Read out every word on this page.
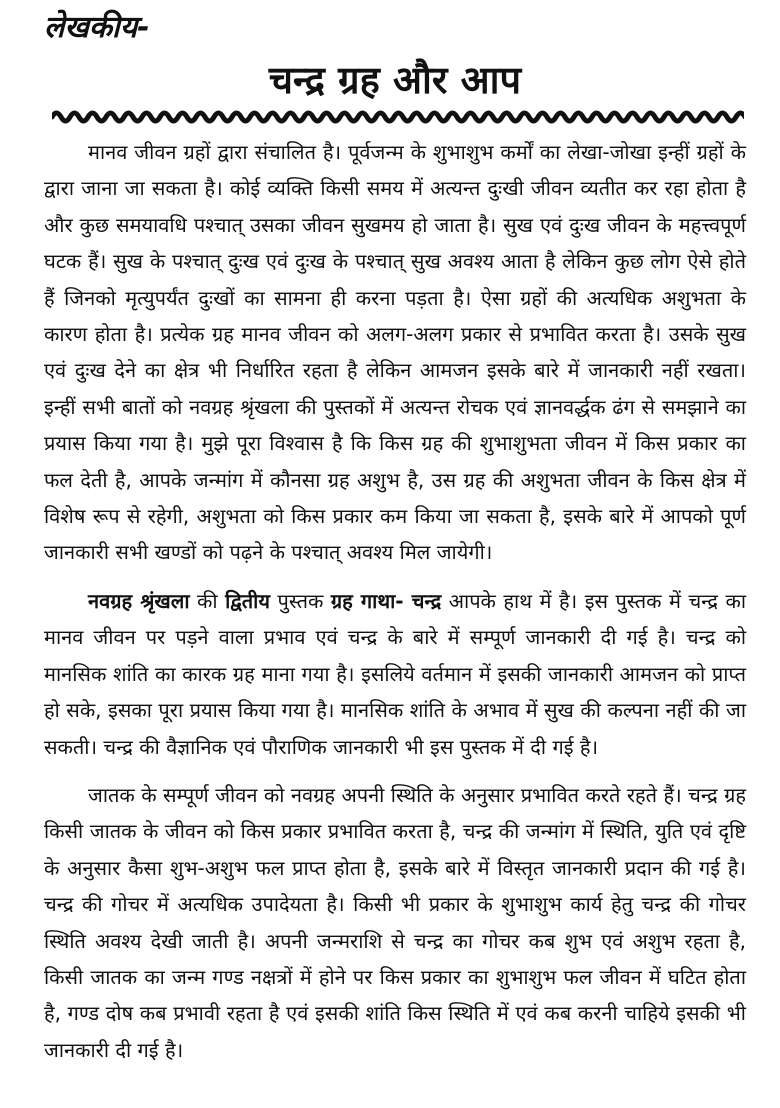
लेखकीय-
चन्द्र ग्रह और आप

मानव जीवन ग्रहों द्वारा संचालित है। पूर्वजन्म के शुभाशुभ कर्मों का लेखा-जोखा इन्हीं ग्रहों के द्वारा जाना जा सकता है। कोई व्यक्ति किसी समय में अत्यन्त दुःखी जीवन व्यतीत कर रहा होता है और कुछ समयावधि पश्चात् उसका जीवन सुखमय हो जाता है। सुख एवं दुःख जीवन के महत्त्वपूर्ण घटक हैं। सुख के पश्चात् दुःख एवं दुःख के पश्चात् सुख अवश्य आता है लेकिन कुछ लोग ऐसे होते हैं जिनको मृत्युपर्यंत दुःखों का सामना ही करना पड़ता है। ऐसा ग्रहों की अत्यधिक अशुभता के कारण होता है। प्रत्येक ग्रह मानव जीवन को अलग-अलग प्रकार से प्रभावित करता है। उसके सुख एवं दुःख देने का क्षेत्र भी निर्धारित रहता है लेकिन आमजन इसके बारे में जानकारी नहीं रखता। इन्हीं सभी बातों को नवग्रह श्रृंखला की पुस्तकों में अत्यन्त रोचक एवं ज्ञानवर्द्धक ढंग से समझाने का प्रयास किया गया है। मुझे पूरा विश्वास है कि किस ग्रह की शुभाशुभता जीवन में किस प्रकार का फल देती है, आपके जन्मांग में कौनसा ग्रह अशुभ है, उस ग्रह की अशुभता जीवन के किस क्षेत्र में विशेष रूप से रहेगी, अशुभता को किस प्रकार कम किया जा सकता है, इसके बारे में आपको पूर्ण जानकारी सभी खण्डों को पढ़ने के पश्चात् अवश्य मिल जायेगी।

नवग्रह श्रृंखला की द्वितीय पुस्तक ग्रह गाथा- चन्द्र आपके हाथ में है। इस पुस्तक में चन्द्र का मानव जीवन पर पड़ने वाला प्रभाव एवं चन्द्र के बारे में सम्पूर्ण जानकारी दी गई है। चन्द्र को मानसिक शांति का कारक ग्रह माना गया है। इसलिये वर्तमान में इसकी जानकारी आमजन को प्राप्त हो सके, इसका पूरा प्रयास किया गया है। मानसिक शांति के अभाव में सुख की कल्पना नहीं की जा सकती। चन्द्र की वैज्ञानिक एवं पौराणिक जानकारी भी इस पुस्तक में दी गई है।

जातक के सम्पूर्ण जीवन को नवग्रह अपनी स्थिति के अनुसार प्रभावित करते रहते हैं। चन्द्र ग्रह किसी जातक के जीवन को किस प्रकार प्रभावित करता है, चन्द्र की जन्मांग में स्थिति, युति एवं दृष्टि के अनुसार कैसा शुभ-अशुभ फल प्राप्त होता है, इसके बारे में विस्तृत जानकारी प्रदान की गई है। चन्द्र की गोचर में अत्यधिक उपादेयता है। किसी भी प्रकार के शुभाशुभ कार्य हेतु चन्द्र की गोचर स्थिति अवश्य देखी जाती है। अपनी जन्मराशि से चन्द्र का गोचर कब शुभ एवं अशुभ रहता है, किसी जातक का जन्म गण्ड नक्षत्रों में होने पर किस प्रकार का शुभाशुभ फल जीवन में घटित होता है, गण्ड दोष कब प्रभावी रहता है एवं इसकी शांति किस स्थिति में एवं कब करनी चाहिये इसकी भी जानकारी दी गई है।
